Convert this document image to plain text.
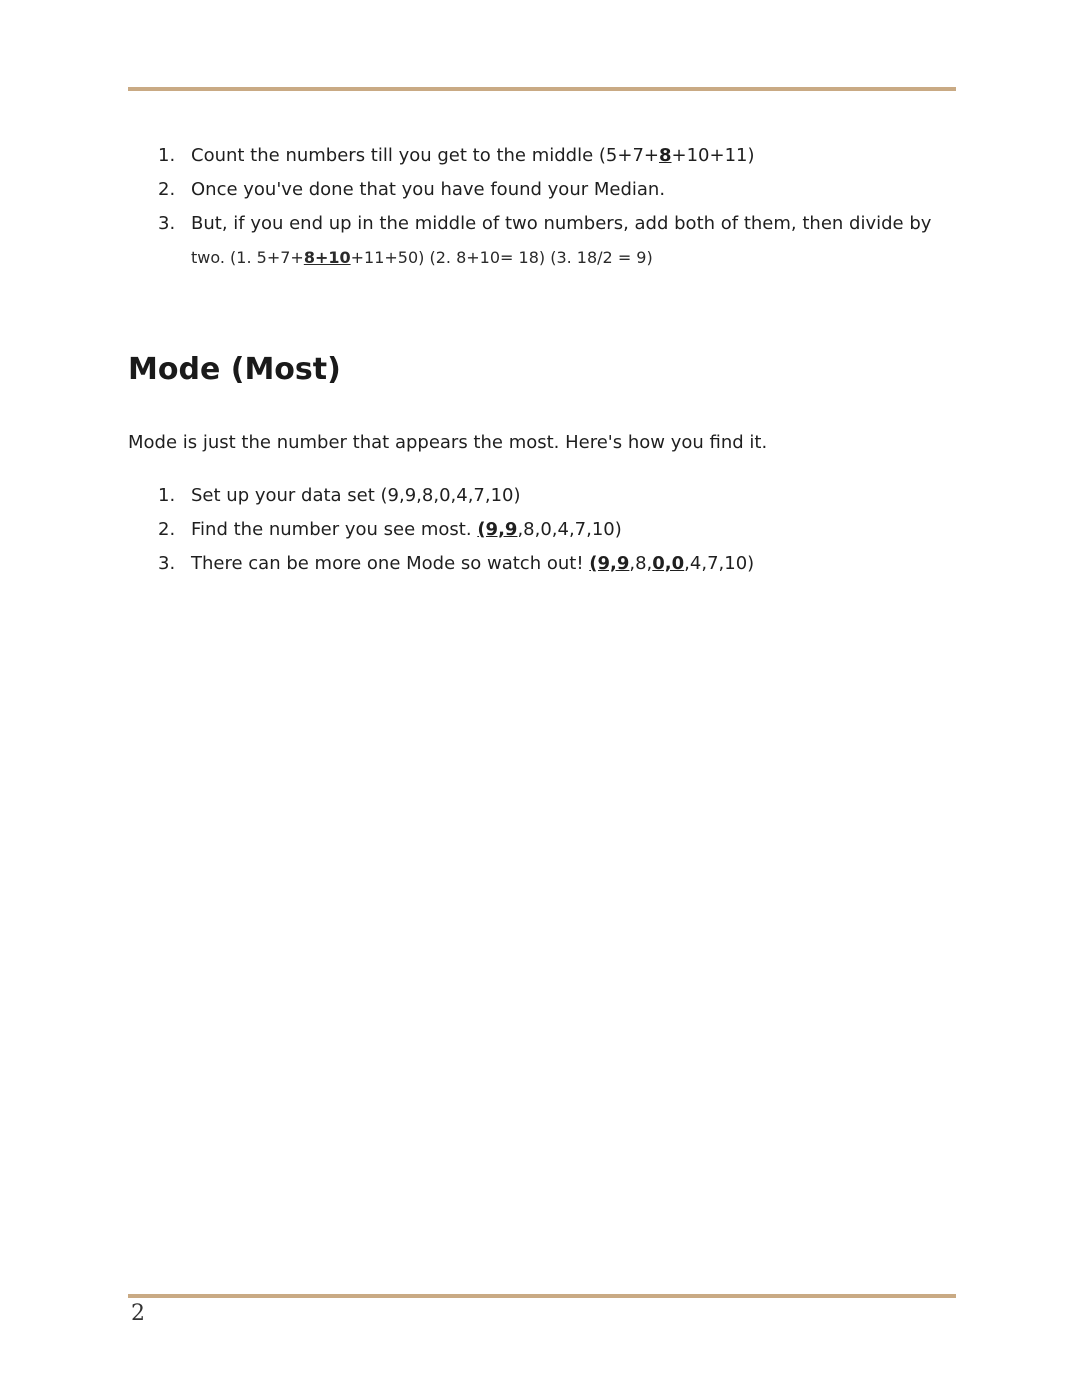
1. Count the numbers till you get to the middle (5+7+8+10+11)
2. Once you've done that you have found your Median.
3. But, if you end up in the middle of two numbers, add both of them, then divide by
two. (1. 5+7+8+10+11+50) (2. 8+10= 18) (3. 18/2 = 9)
Mode (Most)

Mode is just the number that appears the most. Here's how you find it.

1. Set up your data set (9,9,8,0,4,7,10)
2. Find the number you see most. (9,9,8,0,4,7,10)
3. There can be more one Mode so watch out! (9,9,8,0,0,4,7,10)
2
